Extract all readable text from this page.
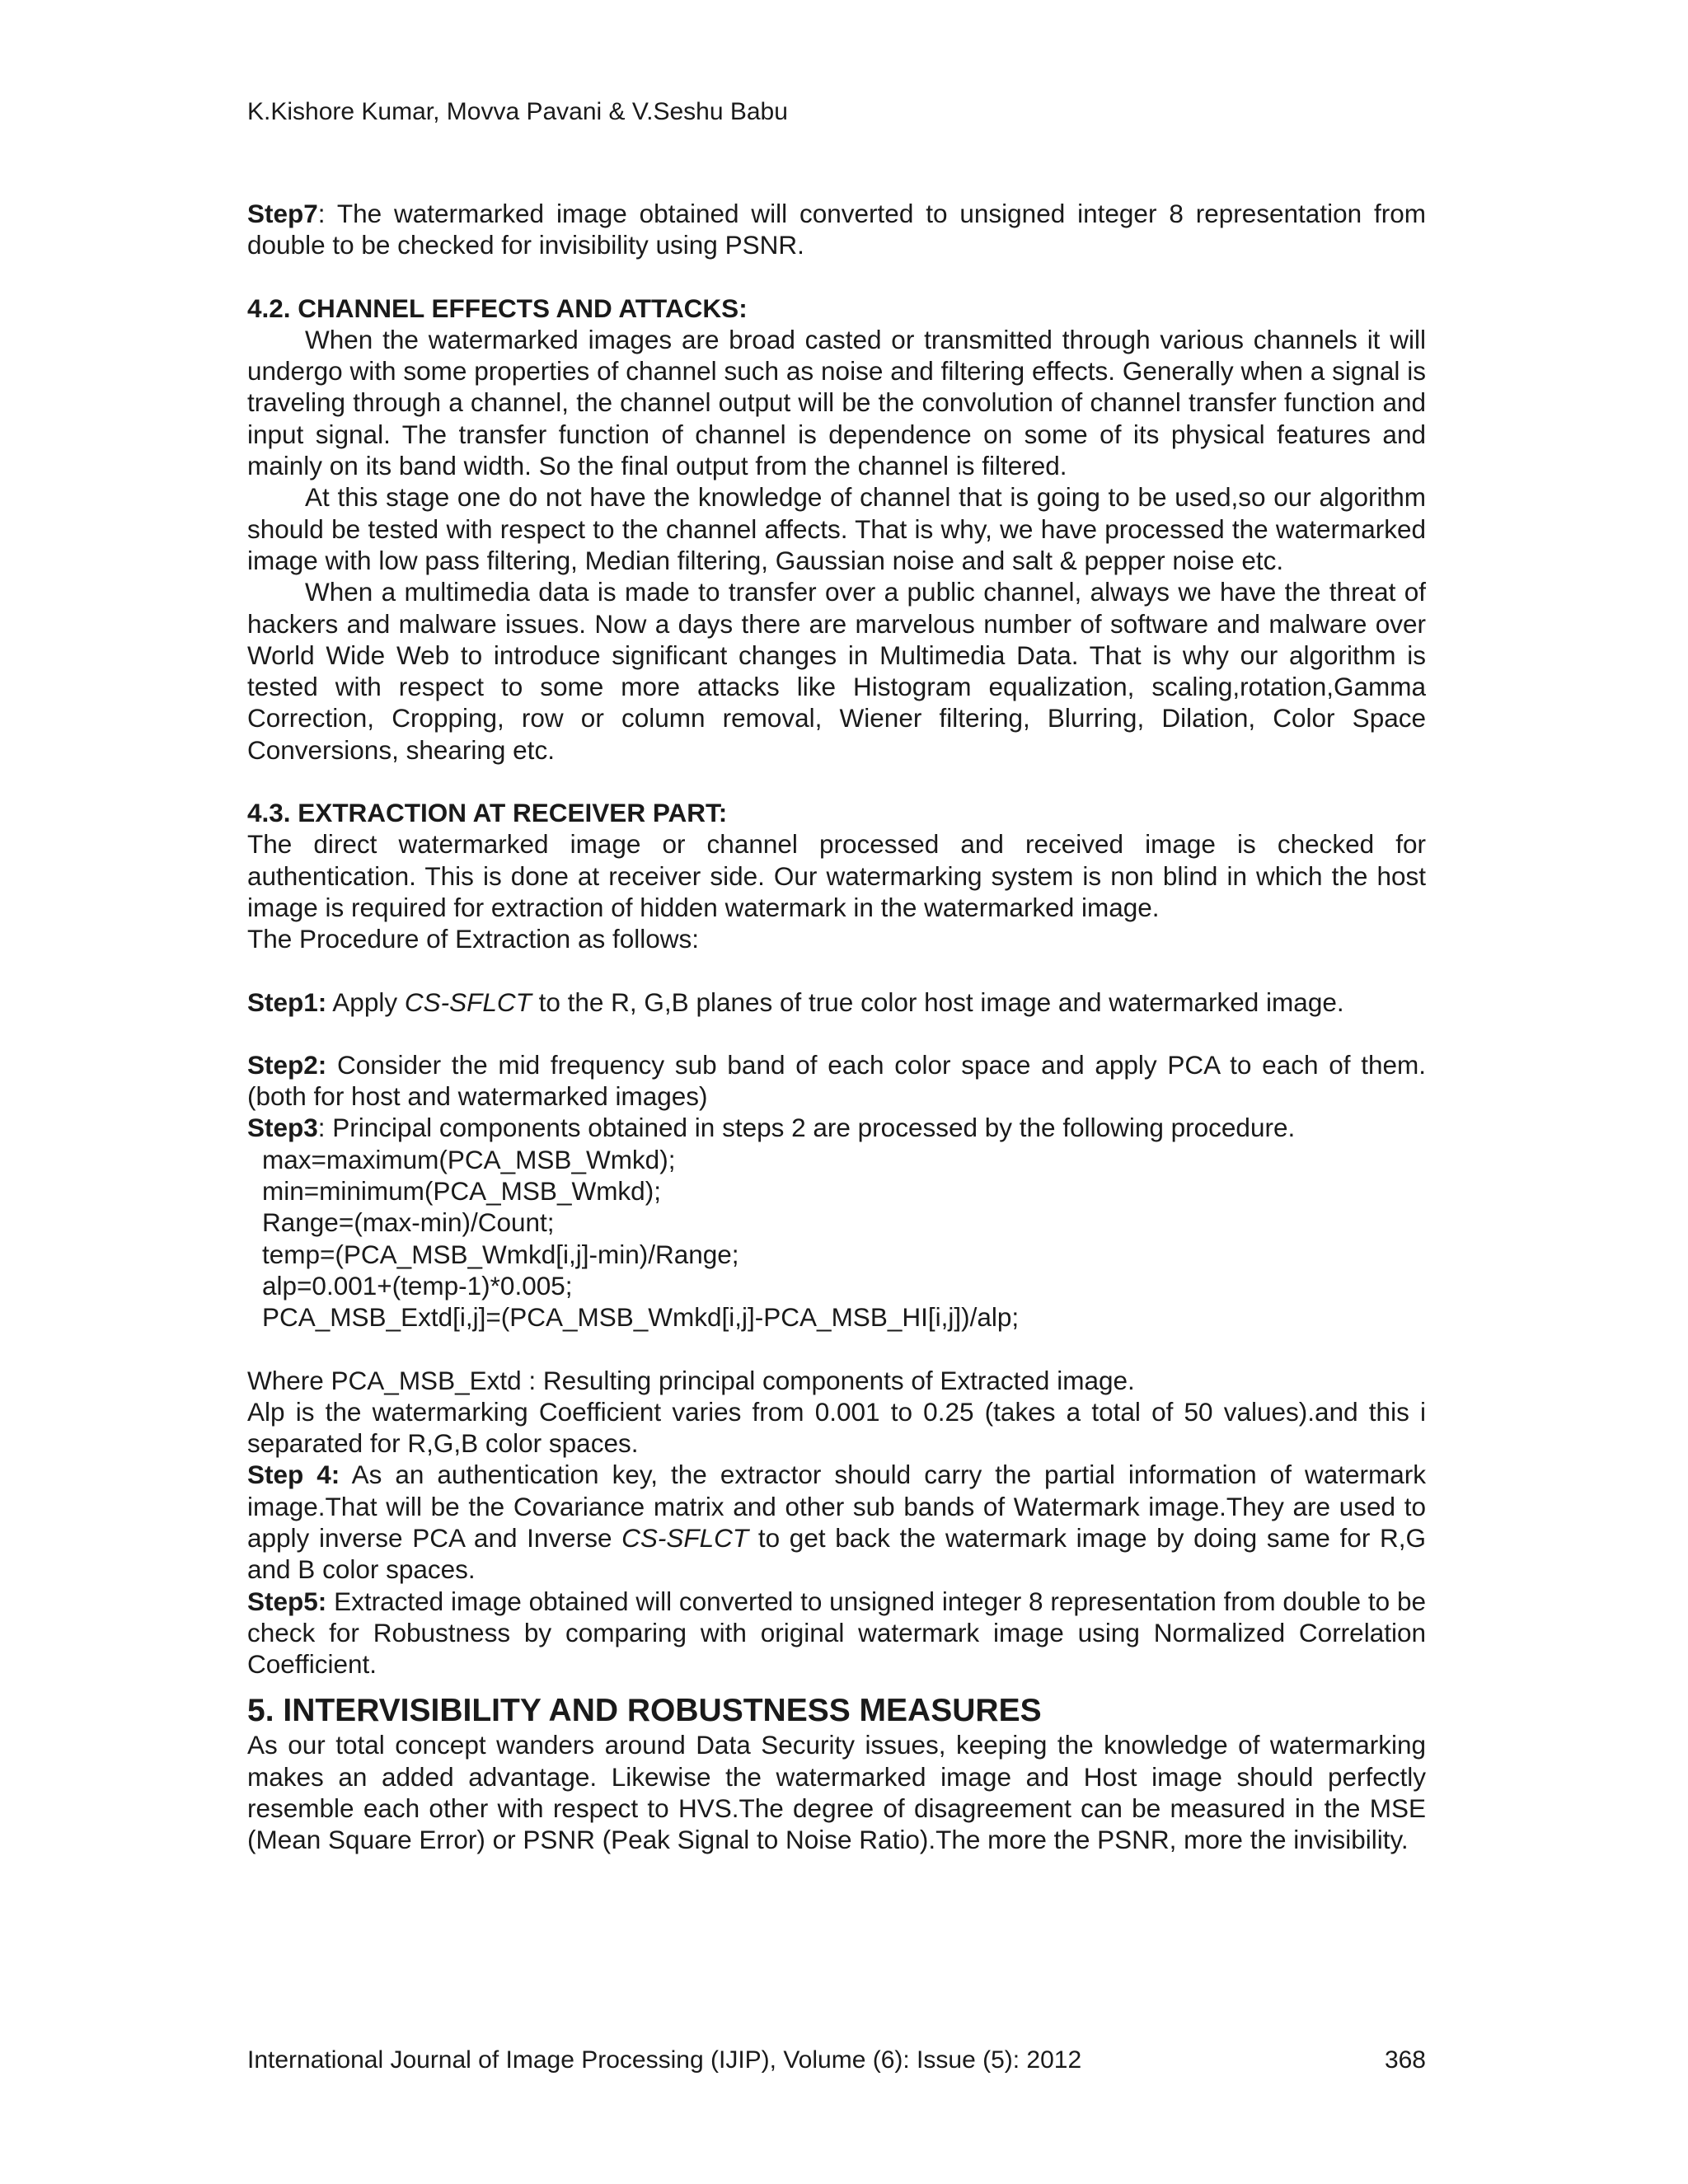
K.Kishore Kumar, Movva Pavani & V.Seshu Babu

Step7: The watermarked image obtained will converted to unsigned integer 8 representation from double to be checked for invisibility using PSNR.

4.2. CHANNEL EFFECTS AND ATTACKS:

When the watermarked images are broad casted or transmitted through various channels it will undergo with some properties of channel such as noise and filtering effects. Generally when a signal is traveling through a channel, the channel output will be the convolution of channel transfer function and input signal. The transfer function of channel is dependence on some of its physical features and mainly on its band width. So the final output from the channel is filtered.

At this stage one do not have the knowledge of channel that is going to be used,so our algorithm should be tested with respect to the channel affects. That is why, we have processed the watermarked image with low pass filtering, Median filtering, Gaussian noise and salt & pepper noise etc.

When a multimedia data is made to transfer over a public channel, always we have the threat of hackers and malware issues. Now a days there are marvelous number of software and malware over World Wide Web to introduce significant changes in Multimedia Data. That is why our algorithm is tested with respect to some more attacks like Histogram equalization, scaling,rotation,Gamma Correction, Cropping, row or column removal, Wiener filtering, Blurring, Dilation, Color Space Conversions, shearing etc.

4.3. EXTRACTION AT RECEIVER PART:

The direct watermarked image or channel processed and received image is checked for authentication. This is done at receiver side. Our watermarking system is non blind in which the host image is required for extraction of hidden watermark in the watermarked image.

The Procedure of Extraction as follows:

Step1: Apply CS-SFLCT to the R, G,B planes of true color host image and watermarked image.

Step2: Consider the mid frequency sub band of each color space and apply PCA to each of them.(both for host and watermarked images)

Step3: Principal components obtained in steps 2 are processed by the following procedure.

max=maximum(PCA_MSB_Wmkd);
min=minimum(PCA_MSB_Wmkd);
Range=(max-min)/Count;
temp=(PCA_MSB_Wmkd[i,j]-min)/Range;
alp=0.001+(temp-1)*0.005;
PCA_MSB_Extd[i,j]=(PCA_MSB_Wmkd[i,j]-PCA_MSB_HI[i,j])/alp;

Where PCA_MSB_Extd : Resulting principal components of Extracted image.

Alp is the watermarking Coefficient varies from 0.001 to 0.25 (takes a total of 50 values).and this i separated for R,G,B color spaces.

Step 4: As an authentication key, the extractor should carry the partial information of watermark image.That will be the Covariance matrix and other sub bands of Watermark image.They are used to apply inverse PCA and Inverse CS-SFLCT to get back the watermark image by doing same for R,G and B color spaces.

Step5: Extracted image obtained will converted to unsigned integer 8 representation from double to be check for Robustness by comparing with original watermark image using Normalized Correlation Coefficient.

5. INTERVISIBILITY AND ROBUSTNESS MEASURES

As our total concept wanders around Data Security issues, keeping the knowledge of watermarking makes an added advantage. Likewise the watermarked image and Host image should perfectly resemble each other with respect to HVS.The degree of disagreement can be measured in the MSE (Mean Square Error) or PSNR (Peak Signal to Noise Ratio).The more the PSNR, more the invisibility.

International Journal of Image Processing (IJIP), Volume (6): Issue (5): 2012	368
